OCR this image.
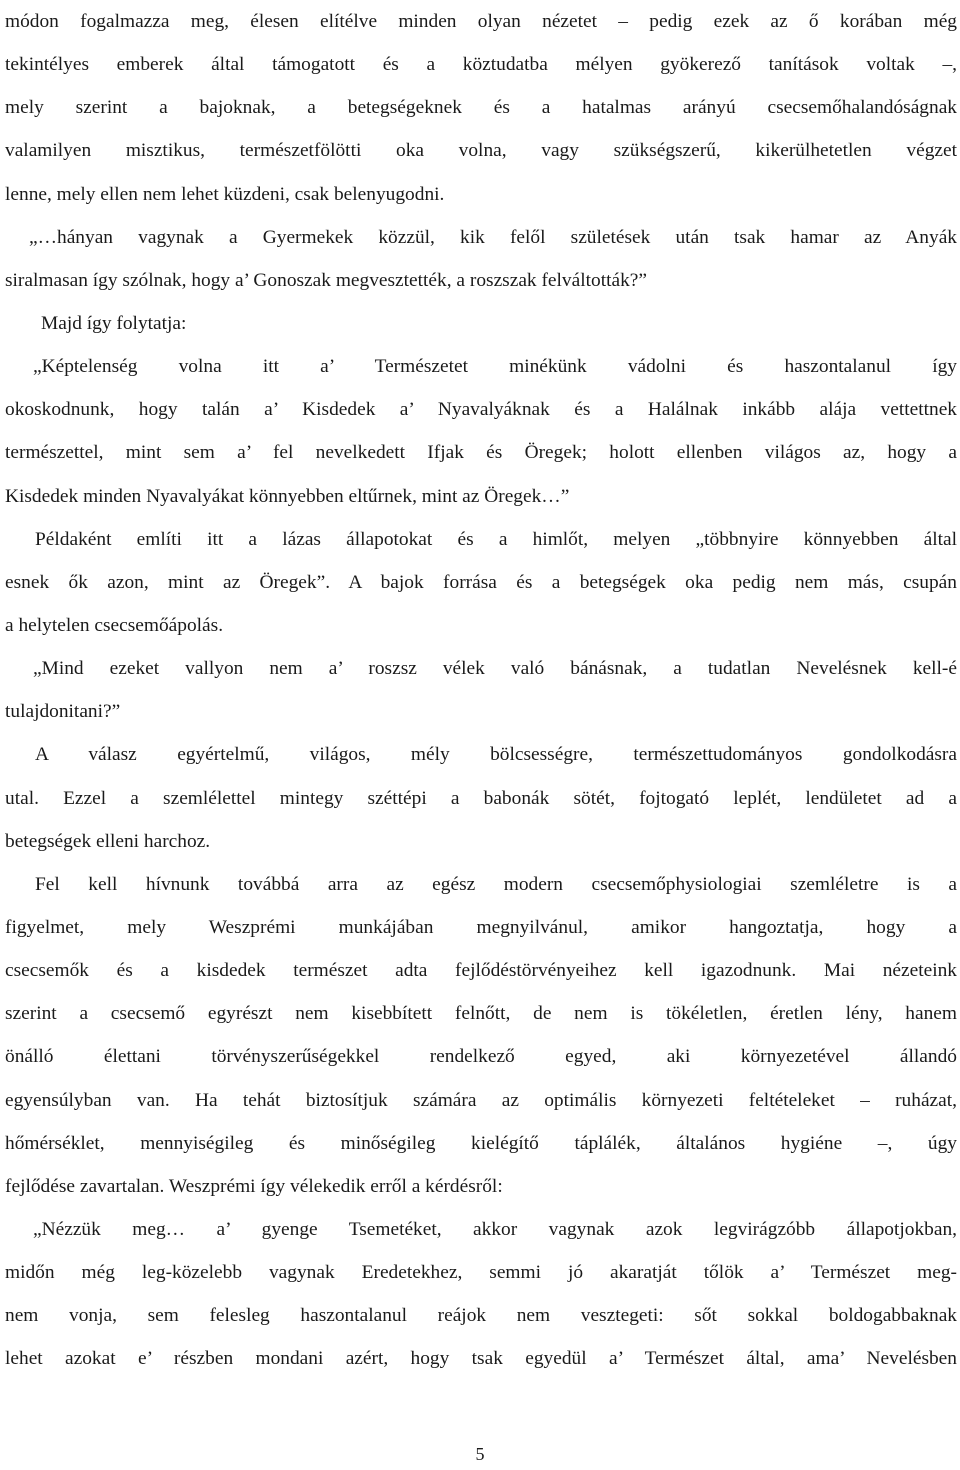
módon fogalmazza meg, élesen elítélve minden olyan nézetet – pedig ezek az ő korában még
tekintélyes emberek által támogatott és a köztudatba mélyen gyökerező tanítások voltak –,
mely szerint a bajoknak, a betegségeknek és a hatalmas arányú csecsemőhalandóságnak
valamilyen misztikus, természetfölötti oka volna, vagy szükségszerű, kikerülhetetlen végzet
lenne, mely ellen nem lehet küzdeni, csak belenyugodni.
„…hányan vagynak a Gyermekek közzül, kik felől születések után tsak hamar az Anyák
siralmasan így szólnak, hogy a’ Gonoszak megvesztették, a roszszak felváltották?”
Majd így folytatja:
„Képtelenség volna itt a’ Természetet minékünk vádolni és haszontalanul így
okoskodnunk, hogy talán a’ Kisdedek a’ Nyavalyáknak és a Halálnak inkább alája vettettnek
természettel, mint sem a’ fel nevelkedett Ifjak és Öregek; holott ellenben világos az, hogy a
Kisdedek minden Nyavalyákat könnyebben eltűrnek, mint az Öregek…”
Példaként említi itt a lázas állapotokat és a himlőt, melyen „többnyire könnyebben által
esnek ők azon, mint az Öregek”. A bajok forrása és a betegségek oka pedig nem más, csupán
a helytelen csecsemőápolás.
„Mind ezeket vallyon nem a’ roszsz vélek való bánásnak, a tudatlan Nevelésnek kell-é
tulajdonitani?”
A válasz egyértelmű, világos, mély bölcsességre, természettudományos gondolkodásra
utal. Ezzel a szemlélettel mintegy széttépi a babonák sötét, fojtogató leplét, lendületet ad a
betegségek elleni harchoz.
Fel kell hívnunk továbbá arra az egész modern csecsemőphysiologiai szemléletre is a
figyelmet, mely Weszprémi munkájában megnyilvánul, amikor hangoztatja, hogy a
csecsemők és a kisdedek természet adta fejlődéstörvényeihez kell igazodnunk. Mai nézeteink
szerint a csecsemő egyrészt nem kisebbített felnőtt, de nem is tökéletlen, éretlen lény, hanem
önálló élettani törvényszerűségekkel rendelkező egyed, aki környezetével állandó
egyensúlyban van. Ha tehát biztosítjuk számára az optimális környezeti feltételeket – ruházat,
hőmérséklet, mennyiségileg és minőségileg kielégítő táplálék, általános hygiéne –, úgy
fejlődése zavartalan. Weszprémi így vélekedik erről a kérdésről:
„Nézzük meg… a’ gyenge Tsemetéket, akkor vagynak azok legvirágzóbb állapotjokban,
midőn még leg-közelebb vagynak Eredetekhez, semmi jó akaratját tőlök a’ Természet meg-
nem vonja, sem felesleg haszontalanul reájok nem vesztegeti: sőt sokkal boldogabbaknak
lehet azokat e’ részben mondani azért, hogy tsak egyedül a’ Természet által, ama’ Nevelésben
5
